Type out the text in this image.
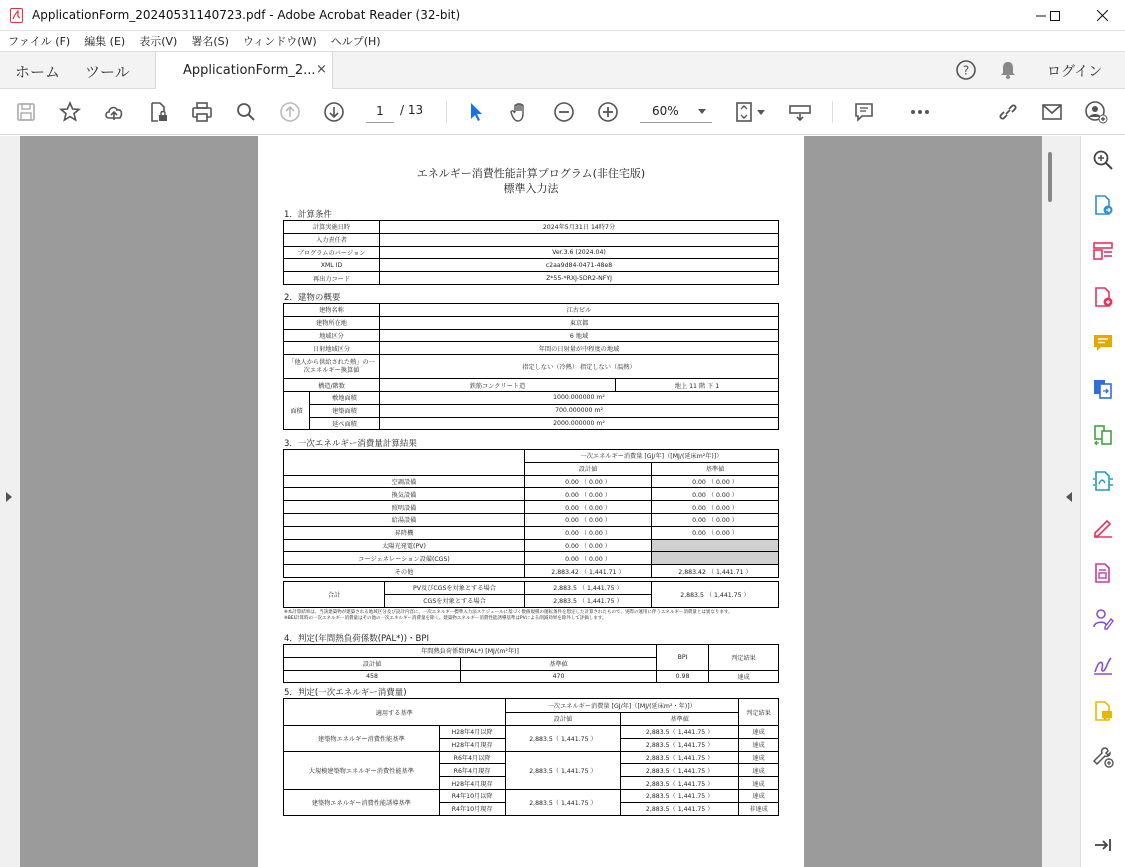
ApplicationForm_20240531140723.pdf - Adobe Acrobat Reader (32-bit)
ファイル (F) 編集 (E) 表示(V) 署名(S) ウィンドウ(W) ヘルプ(H)
ホーム ツール	ApplicationForm_2... ×	?	ログイン
1	/ 13	60%
エネルギー消費性能計算プログラム(非住宅版)
標準入力法
1．計算条件
計算実施日時	2024年5月31日 14時7分
入力責任者	
プログラムのバージョン	Ver.3.6 (2024.04)
XML ID	c2aa9d84-0471-48e8
再出力コード	Z*55-*RXJ-5DR2-NFYJ
2．建物の概要
建物名称		江古ビル	
建物所在地		東京都	
地域区分		6 地域	
日射地域区分		年間の日射量が中程度の地域	
「他人から供給された熱」の一次エネルギー換算値		指定しない（冷熱） 指定しない（温熱）	
構造/階数		鉄筋コンクリート造	地上 11 階 下 1
面積	敷地面積	1000.000000 m²	
	建築面積	700.000000 m²	
	延べ面積	2000.000000 m²	
3．一次エネルギー消費量計算結果
	一次エネルギー消費量 [GJ/年]（[MJ/(延床m²年)]）	
	設計値	基準値
空調設備	0.00 （ 0.00 ）	0.00 （ 0.00 ）
換気設備	0.00 （ 0.00 ）	0.00 （ 0.00 ）
照明設備	0.00 （ 0.00 ）	0.00 （ 0.00 ）
給湯設備	0.00 （ 0.00 ）	0.00 （ 0.00 ）
昇降機	0.00 （ 0.00 ）	0.00 （ 0.00 ）
太陽光発電(PV)	0.00 （ 0.00 ）	
コージェネレーション設備(CGS)	0.00 （ 0.00 ）	
その他	2,883.42 （ 1,441.71 ）	2,883.42 （ 1,441.71 ）
合計	PV及びCGSを対象とする場合	2,883.5 （ 1,441.75 ）	2,883.5 （ 1,441.75 ）
	CGSを対象とする場合	2,883.5 （ 1,441.75 ）	
※本計算結果は、当該建築物が建築される地域区分及び設計内容に、一次エネルギー標準入力法スケジュールに基づく数値規模の運転条件を想定した計算されたもので、実際の運用に伴うエネルギー消費量とは異なります。
※BEI計算時の一次エネルギー消費量はその他の一次エネルギー消費量を除く。建築物エネルギー消費性能誘導基準はPVによる削減効果を除外して評価します。
4．判定(年間熱負荷係数(PAL*))・BPI
年間熱負荷係数(PAL*) [MJ/(m²年)]		BPI	判定結果
設計値	基準値		
458	470	0.98	達成
5．判定(一次エネルギー消費量)
適用する基準		一次エネルギー消費量 [GJ/年]（[MJ/(延床m²・年)]）		判定結果
		設計値	基準値	
建築物エネルギー消費性能基準	H28年4月以降	2,883.5（ 1,441.75 ）	2,883.5（ 1,441.75 ）	達成
	H28年4月現存		2,883.5（ 1,441.75 ）	達成
大規模建築物エネルギー消費性能基準	R6年4月以降	2,883.5（ 1,441.75 ）	2,883.5（ 1,441.75 ）	達成
	R6年4月現存		2,883.5（ 1,441.75 ）	達成
	H28年4月現存		2,883.5（ 1,441.75 ）	達成
建築物エネルギー消費性能誘導基準	R4年10月以降	2,883.5（ 1,441.75 ）	2,883.5（ 1,441.75 ）	達成
	R4年10月現存		2,883.5（ 1,441.75 ）	非達成
